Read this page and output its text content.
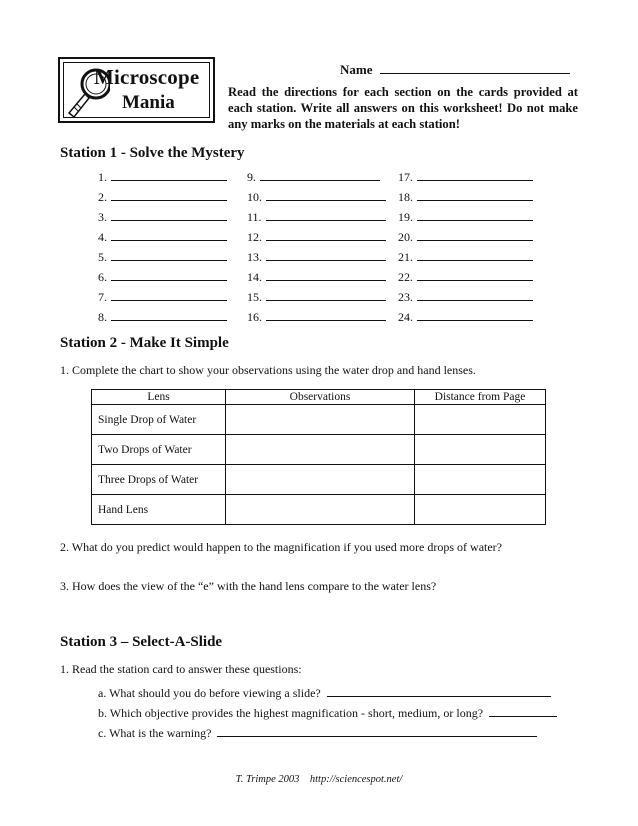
Microscope
Mania
Name
Read the directions for each section on the cards provided at each station. Write all answers on this worksheet! Do not make any marks on the materials at each station!
Station 1 - Solve the Mystery
1.
2.
3.
4.
5.
6.
7.
8.
9.
10.
11.
12.
13.
14.
15.
16.
17.
18.
19.
20.
21.
22.
23.
24.
Station 2 - Make It Simple
1. Complete the chart to show your observations using the water drop and hand lenses.
Lens	Observations	Distance from Page
Single Drop of Water		
Two Drops of Water		
Three Drops of Water		
Hand Lens		
2. What do you predict would happen to the magnification if you used more drops of water?
3. How does the view of the “e” with the hand lens compare to the water lens?
Station 3 – Select-A-Slide
1. Read the station card to answer these questions:
a. What should you do before viewing a slide?
b. Which objective provides the highest magnification - short, medium, or long?
c. What is the warning?
T. Trimpe 2003    http://sciencespot.net/
